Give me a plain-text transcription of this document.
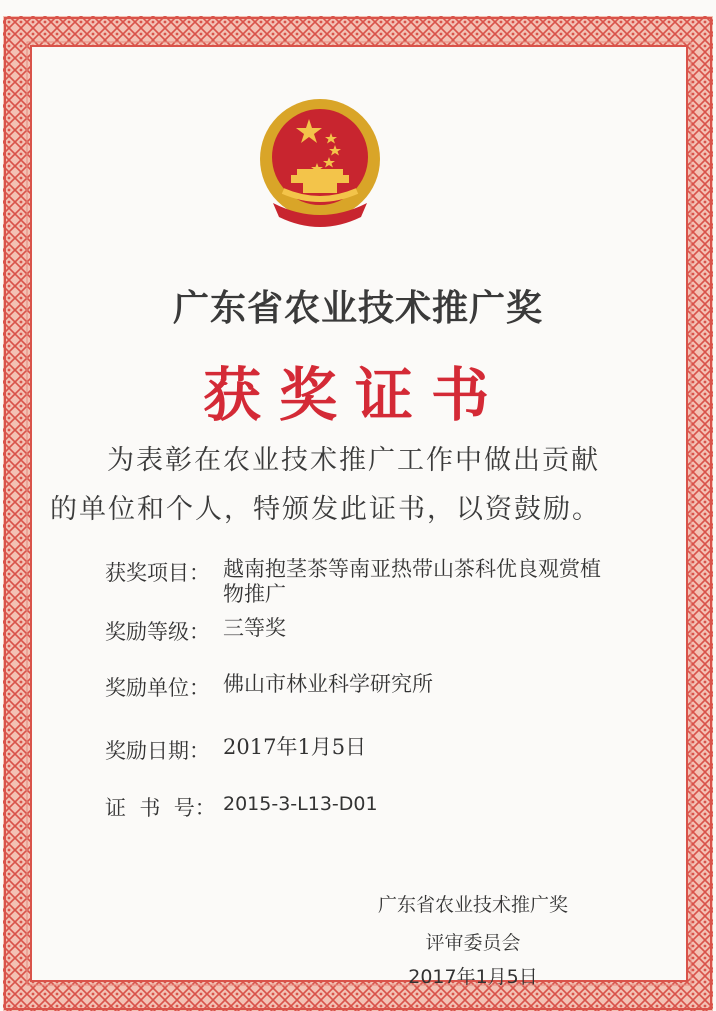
广东省农业技术推广奖
获奖证书
为表彰在农业技术推广工作中做出贡献
的单位和个人，特颁发此证书，以资鼓励。
获奖项目： 越南抱茎茶等南亚热带山茶科优良观赏植物推广
奖励等级： 三等奖
奖励单位： 佛山市林业科学研究所
奖励日期： 2017年1月5日
证  书  号： 2015-3-L13-D01
广东省农业技术推广奖
评审委员会
2017年1月5日
